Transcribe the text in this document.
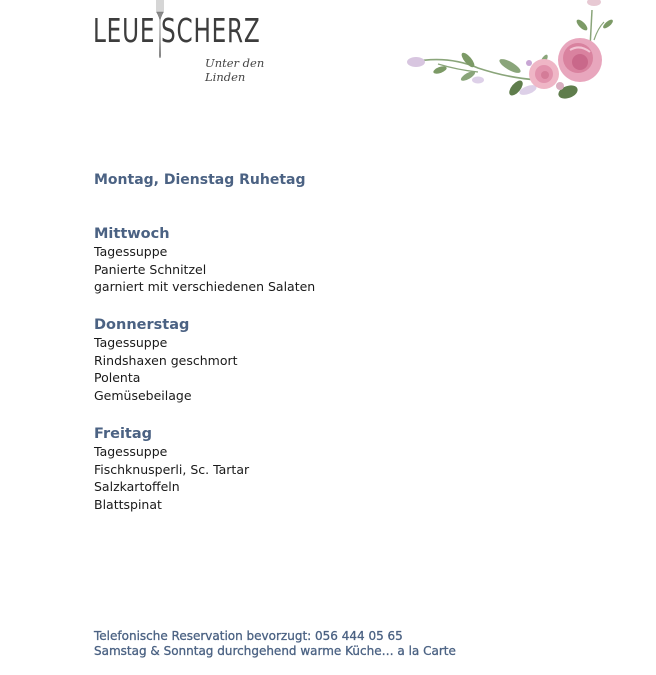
LEUE SCHERZ
Unter den Linden
Montag, Dienstag Ruhetag
Mittwoch
Tagessuppe
Panierte Schnitzel
garniert mit verschiedenen Salaten
Donnerstag
Tagessuppe
Rindshaxen geschmort
Polenta
Gemüsebeilage
Freitag
Tagessuppe
Fischknusperli, Sc. Tartar
Salzkartoffeln
Blattspinat
Telefonische Reservation bevorzugt: 056 444 05 65
Samstag & Sonntag durchgehend warme Küche… a la Carte
